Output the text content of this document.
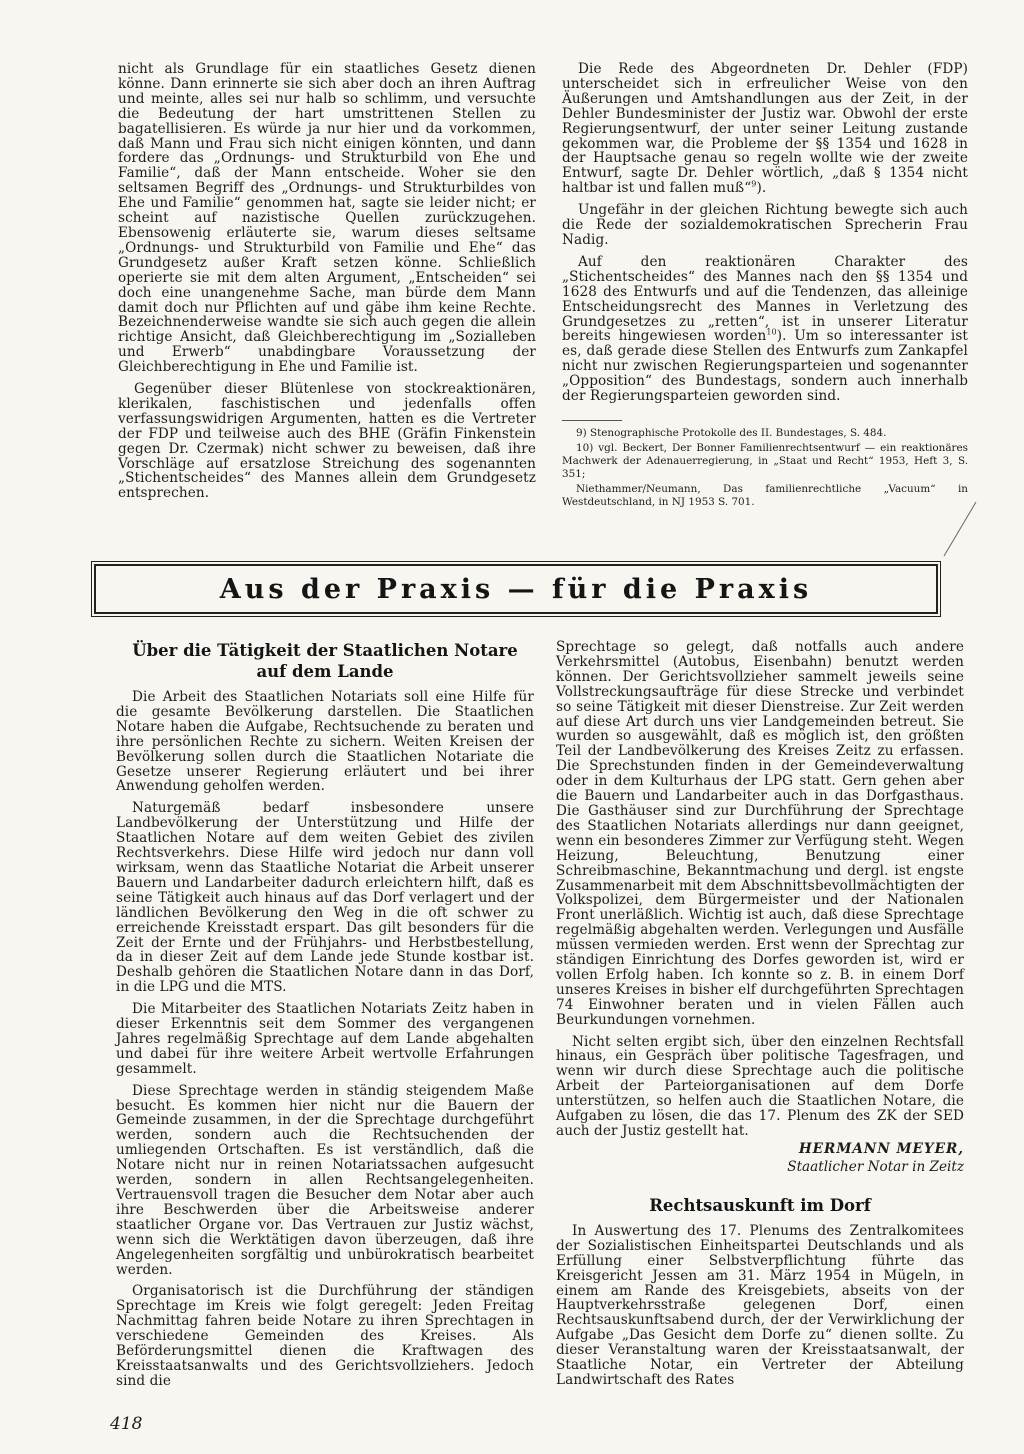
nicht als Grundlage für ein staatliches Gesetz dienen könne. Dann erinnerte sie sich aber doch an ihren Auftrag und meinte, alles sei nur halb so schlimm, und versuchte die Bedeutung der hart umstrittenen Stellen zu bagatellisieren. Es würde ja nur hier und da vorkommen, daß Mann und Frau sich nicht einigen könnten, und dann fordere das „Ordnungs- und Strukturbild von Ehe und Familie“, daß der Mann entscheide. Woher sie den seltsamen Begriff des „Ordnungs- und Strukturbildes von Ehe und Familie“ genommen hat, sagte sie leider nicht; er scheint auf nazistische Quellen zurückzugehen. Ebensowenig erläuterte sie, warum dieses seltsame „Ordnungs- und Strukturbild von Familie und Ehe“ das Grundgesetz außer Kraft setzen könne. Schließlich operierte sie mit dem alten Argument, „Entscheiden“ sei doch eine unangenehme Sache, man bürde dem Mann damit doch nur Pflichten auf und gäbe ihm keine Rechte. Bezeichnenderweise wandte sie sich auch gegen die allein richtige Ansicht, daß Gleichberechtigung im „Sozialleben und Erwerb“ unabdingbare Voraussetzung der Gleichberechtigung in Ehe und Familie ist.

Gegenüber dieser Blütenlese von stockreaktionären, klerikalen, faschistischen und jedenfalls offen verfassungswidrigen Argumenten, hatten es die Vertreter der FDP und teilweise auch des BHE (Gräfin Finkenstein gegen Dr. Czermak) nicht schwer zu beweisen, daß ihre Vorschläge auf ersatzlose Streichung des sogenannten „Stichentscheides“ des Mannes allein dem Grundgesetz entsprechen.

Die Rede des Abgeordneten Dr. Dehler (FDP) unterscheidet sich in erfreulicher Weise von den Äußerungen und Amtshandlungen aus der Zeit, in der Dehler Bundesminister der Justiz war. Obwohl der erste Regierungsentwurf, der unter seiner Leitung zustande gekommen war, die Probleme der §§ 1354 und 1628 in der Hauptsache genau so regeln wollte wie der zweite Entwurf, sagte Dr. Dehler wörtlich, „daß § 1354 nicht haltbar ist und fallen muß“$^9$).

Ungefähr in der gleichen Richtung bewegte sich auch die Rede der sozialdemokratischen Sprecherin Frau Nadig.

Auf den reaktionären Charakter des „Stichentscheides“ des Mannes nach den §§ 1354 und 1628 des Entwurfs und auf die Tendenzen, das alleinige Entscheidungsrecht des Mannes in Verletzung des Grundgesetzes zu „retten“, ist in unserer Literatur bereits hingewiesen worden$^{10}$). Um so interessanter ist es, daß gerade diese Stellen des Entwurfs zum Zankapfel nicht nur zwischen Regierungsparteien und sogenannter „Opposition“ des Bundestags, sondern auch innerhalb der Regierungsparteien geworden sind.

9) Stenographische Protokolle des II. Bundestages, S. 484.

10) vgl. Beckert, Der Bonner Familienrechtsentwurf — ein reaktionäres Machwerk der Adenauerregierung, in „Staat und Recht“ 1953, Heft 3, S. 351;

Niethammer/Neumann, Das familienrechtliche „Vacuum“ in Westdeutschland, in NJ 1953 S. 701.

Aus der Praxis — für die Praxis
Über die Tätigkeit der Staatlichen Notare
auf dem Lande

Die Arbeit des Staatlichen Notariats soll eine Hilfe für die gesamte Bevölkerung darstellen. Die Staatlichen Notare haben die Aufgabe, Rechtsuchende zu beraten und ihre persönlichen Rechte zu sichern. Weiten Kreisen der Bevölkerung sollen durch die Staatlichen Notariate die Gesetze unserer Regierung erläutert und bei ihrer Anwendung geholfen werden.

Naturgemäß bedarf insbesondere unsere Landbevölkerung der Unterstützung und Hilfe der Staatlichen Notare auf dem weiten Gebiet des zivilen Rechtsverkehrs. Diese Hilfe wird jedoch nur dann voll wirksam, wenn das Staatliche Notariat die Arbeit unserer Bauern und Landarbeiter dadurch erleichtern hilft, daß es seine Tätigkeit auch hinaus auf das Dorf verlagert und der ländlichen Bevölkerung den Weg in die oft schwer zu erreichende Kreisstadt erspart. Das gilt besonders für die Zeit der Ernte und der Frühjahrs- und Herbstbestellung, da in dieser Zeit auf dem Lande jede Stunde kostbar ist. Deshalb gehören die Staatlichen Notare dann in das Dorf, in die LPG und die MTS.

Die Mitarbeiter des Staatlichen Notariats Zeitz haben in dieser Erkenntnis seit dem Sommer des vergangenen Jahres regelmäßig Sprechtage auf dem Lande abgehalten und dabei für ihre weitere Arbeit wertvolle Erfahrungen gesammelt.

Diese Sprechtage werden in ständig steigendem Maße besucht. Es kommen hier nicht nur die Bauern der Gemeinde zusammen, in der die Sprechtage durchgeführt werden, sondern auch die Rechtsuchenden der umliegenden Ortschaften. Es ist verständlich, daß die Notare nicht nur in reinen Notariatssachen aufgesucht werden, sondern in allen Rechtsangelegenheiten. Vertrauensvoll tragen die Besucher dem Notar aber auch ihre Beschwerden über die Arbeitsweise anderer staatlicher Organe vor. Das Vertrauen zur Justiz wächst, wenn sich die Werktätigen davon überzeugen, daß ihre Angelegenheiten sorgfältig und unbürokratisch bearbeitet werden.

Organisatorisch ist die Durchführung der ständigen Sprechtage im Kreis wie folgt geregelt: Jeden Freitag Nachmittag fahren beide Notare zu ihren Sprechtagen in verschiedene Gemeinden des Kreises. Als Beförderungsmittel dienen die Kraftwagen des Kreisstaatsanwalts und des Gerichtsvollziehers. Jedoch sind die

Sprechtage so gelegt, daß notfalls auch andere Verkehrsmittel (Autobus, Eisenbahn) benutzt werden können. Der Gerichtsvollzieher sammelt jeweils seine Vollstreckungsaufträge für diese Strecke und verbindet so seine Tätigkeit mit dieser Dienstreise. Zur Zeit werden auf diese Art durch uns vier Landgemeinden betreut. Sie wurden so ausgewählt, daß es möglich ist, den größten Teil der Landbevölkerung des Kreises Zeitz zu erfassen. Die Sprechstunden finden in der Gemeindeverwaltung oder in dem Kulturhaus der LPG statt. Gern gehen aber die Bauern und Landarbeiter auch in das Dorfgasthaus. Die Gasthäuser sind zur Durchführung der Sprechtage des Staatlichen Notariats allerdings nur dann geeignet, wenn ein besonderes Zimmer zur Verfügung steht. Wegen Heizung, Beleuchtung, Benutzung einer Schreibmaschine, Bekanntmachung und dergl. ist engste Zusammenarbeit mit dem Abschnittsbevollmächtigten der Volkspolizei, dem Bürgermeister und der Nationalen Front unerläßlich. Wichtig ist auch, daß diese Sprechtage regelmäßig abgehalten werden. Verlegungen und Ausfälle müssen vermieden werden. Erst wenn der Sprechtag zur ständigen Einrichtung des Dorfes geworden ist, wird er vollen Erfolg haben. Ich konnte so z. B. in einem Dorf unseres Kreises in bisher elf durchgeführten Sprechtagen 74 Einwohner beraten und in vielen Fällen auch Beurkundungen vornehmen.

Nicht selten ergibt sich, über den einzelnen Rechtsfall hinaus, ein Gespräch über politische Tagesfragen, und wenn wir durch diese Sprechtage auch die politische Arbeit der Parteiorganisationen auf dem Dorfe unterstützen, so helfen auch die Staatlichen Notare, die Aufgaben zu lösen, die das 17. Plenum des ZK der SED auch der Justiz gestellt hat.

HERMANN MEYER,

Staatlicher Notar in Zeitz

Rechtsauskunft im Dorf

In Auswertung des 17. Plenums des Zentralkomitees der Sozialistischen Einheitspartei Deutschlands und als Erfüllung einer Selbstverpflichtung führte das Kreisgericht Jessen am 31. März 1954 in Mügeln, in einem am Rande des Kreisgebiets, abseits von der Hauptverkehrsstraße gelegenen Dorf, einen Rechtsauskunftsabend durch, der der Verwirklichung der Aufgabe „Das Gesicht dem Dorfe zu“ dienen sollte. Zu dieser Veranstaltung waren der Kreisstaatsanwalt, der Staatliche Notar, ein Vertreter der Abteilung Landwirtschaft des Rates

418
